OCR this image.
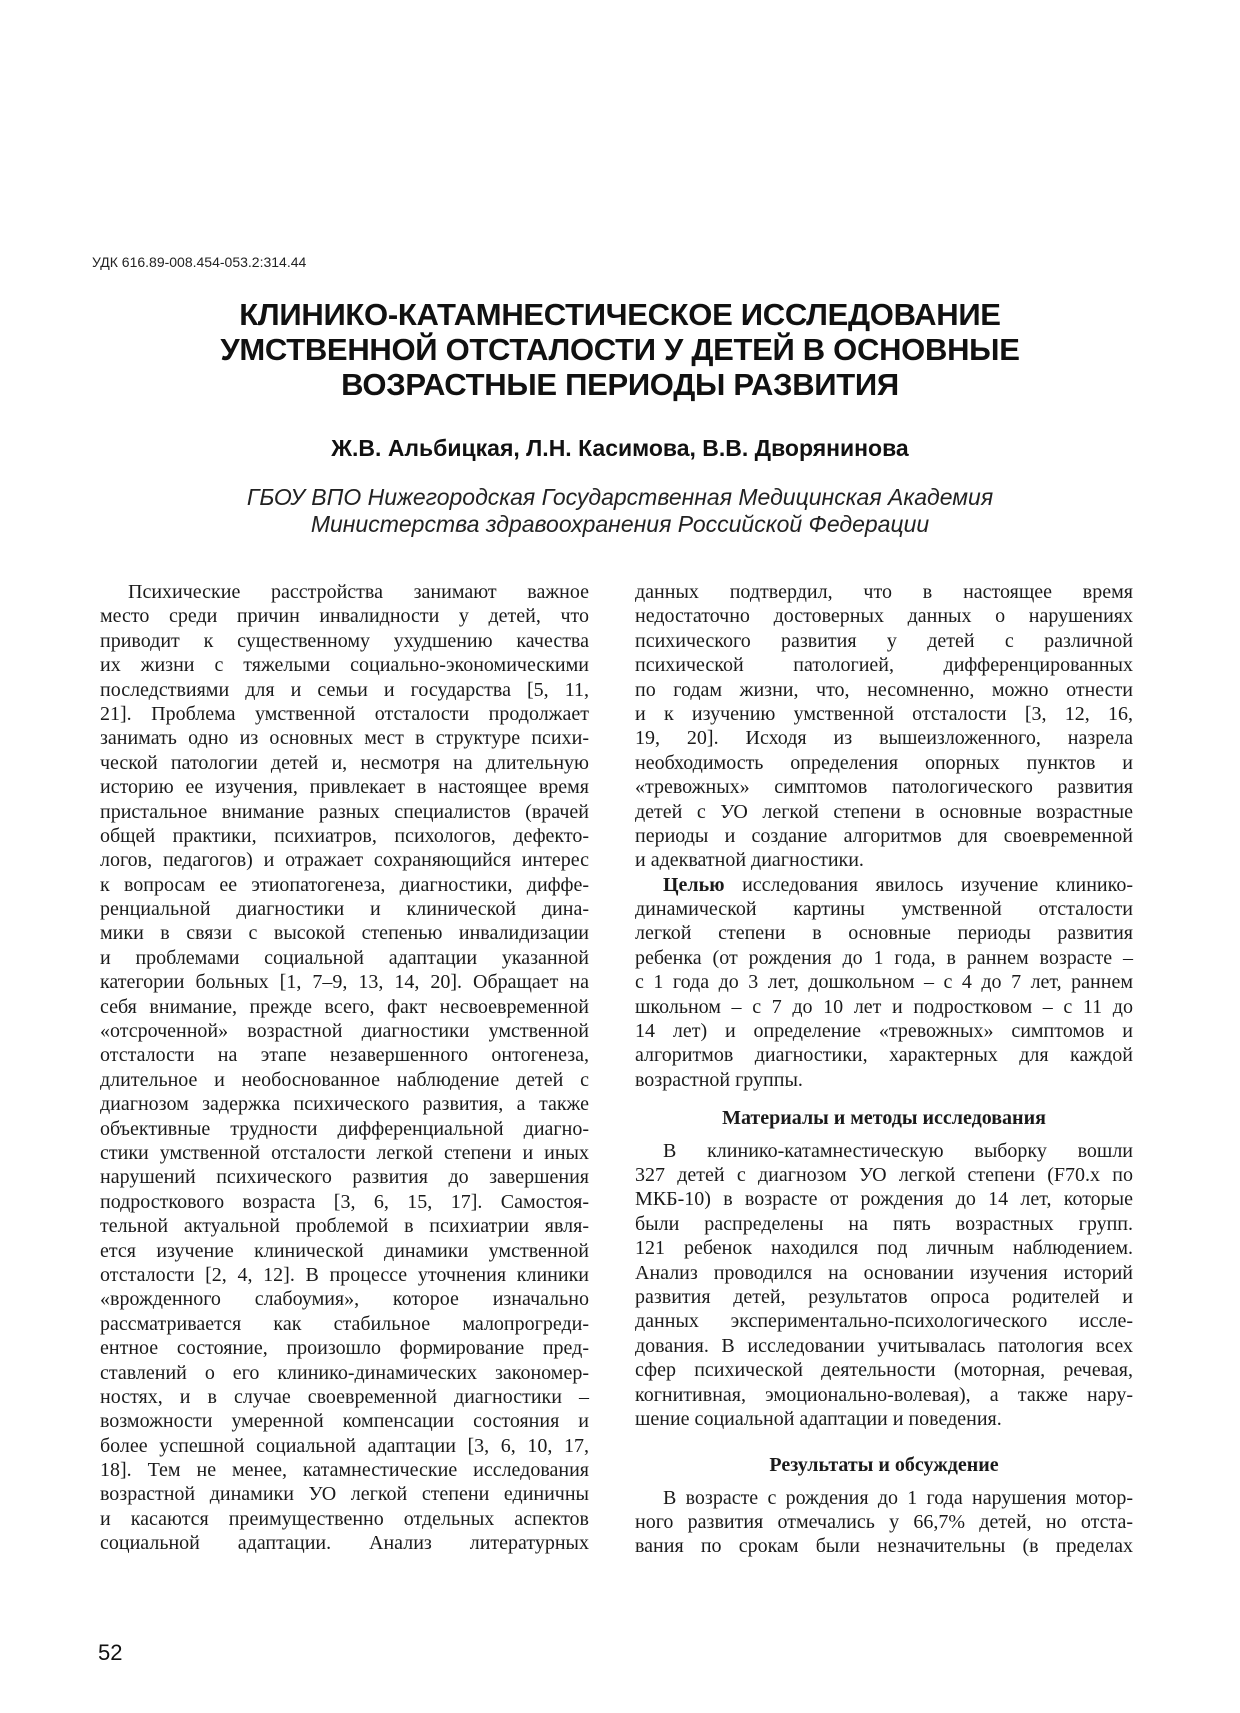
УДК 616.89-008.454-053.2:314.44
КЛИНИКО-КАТАМНЕСТИЧЕСКОЕ ИССЛЕДОВАНИЕ
УМСТВЕННОЙ ОТСТАЛОСТИ У ДЕТЕЙ В ОСНОВНЫЕ
ВОЗРАСТНЫЕ ПЕРИОДЫ РАЗВИТИЯ
Ж.В. Альбицкая, Л.Н. Касимова, В.В. Дворянинова
ГБОУ ВПО Нижегородская Государственная Медицинская Академия
Министерства здравоохранения Российской Федерации
Психические расстройства занимают важное
место среди причин инвалидности у детей, что
приводит к существенному ухудшению качества
их жизни с тяжелыми социально-экономическими
последствиями для и семьи и государства [5, 11,
21]. Проблема умственной отсталости продолжает
занимать одно из основных мест в структуре психи-
ческой патологии детей и, несмотря на длительную
историю ее изучения, привлекает в настоящее время
пристальное внимание разных специалистов (врачей
общей практики, психиатров, психологов, дефекто-
логов, педагогов) и отражает сохраняющийся интерес
к вопросам ее этиопатогенеза, диагностики, диффе-
ренциальной диагностики и клинической дина-
мики в связи с высокой степенью инвалидизации
и проблемами социальной адаптации указанной
категории больных [1, 7–9, 13, 14, 20]. Обращает на
себя внимание, прежде всего, факт несвоевременной
«отсроченной» возрастной диагностики умственной
отсталости на этапе незавершенного онтогенеза,
длительное и необоснованное наблюдение детей с
диагнозом задержка психического развития, а также
объективные трудности дифференциальной диагно-
стики умственной отсталости легкой степени и иных
нарушений психического развития до завершения
подросткового возраста [3, 6, 15, 17]. Самостоя-
тельной актуальной проблемой в психиатрии явля-
ется изучение клинической динамики умственной
отсталости [2, 4, 12]. В процессе уточнения клиники
«врожденного слабоумия», которое изначально
рассматривается как стабильное малопрогреди-
ентное состояние, произошло формирование пред-
ставлений о его клинико-динамических закономер-
ностях, и в случае своевременной диагностики –
возможности умеренной компенсации состояния и
более успешной социальной адаптации [3, 6, 10, 17,
18]. Тем не менее, катамнестические исследования
возрастной динамики УО легкой степени единичны
и касаются преимущественно отдельных аспектов
социальной адаптации. Анализ литературных
данных подтвердил, что в настоящее время
недостаточно достоверных данных о нарушениях
психического развития у детей с различной
психической патологией, дифференцированных
по годам жизни, что, несомненно, можно отнести
и к изучению умственной отсталости [3, 12, 16,
19, 20]. Исходя из вышеизложенного, назрела
необходимость определения опорных пунктов и
«тревожных» симптомов патологического развития
детей с УО легкой степени в основные возрастные
периоды и создание алгоритмов для своевременной
и адекватной диагностики.
Целью исследования явилось изучение клинико-
динамической картины умственной отсталости
легкой степени в основные периоды развития
ребенка (от рождения до 1 года, в раннем возрасте –
с 1 года до 3 лет, дошкольном – с 4 до 7 лет, раннем
школьном – с 7 до 10 лет и подростковом – с 11 до
14 лет) и определение «тревожных» симптомов и
алгоритмов диагностики, характерных для каждой
возрастной группы.
Материалы и методы исследования
В клинико-катамнестическую выборку вошли
327 детей с диагнозом УО легкой степени (F70.x по
МКБ-10) в возрасте от рождения до 14 лет, которые
были распределены на пять возрастных групп.
121 ребенок находился под личным наблюдением.
Анализ проводился на основании изучения историй
развития детей, результатов опроса родителей и
данных экспериментально-психологического иссле-
дования. В исследовании учитывалась патология всех
сфер психической деятельности (моторная, речевая,
когнитивная, эмоционально-волевая), а также нару-
шение социальной адаптации и поведения.
Результаты и обсуждение
В возрасте с рождения до 1 года нарушения мотор-
ного развития отмечались у 66,7% детей, но отста-
вания по срокам были незначительны (в пределах
52
